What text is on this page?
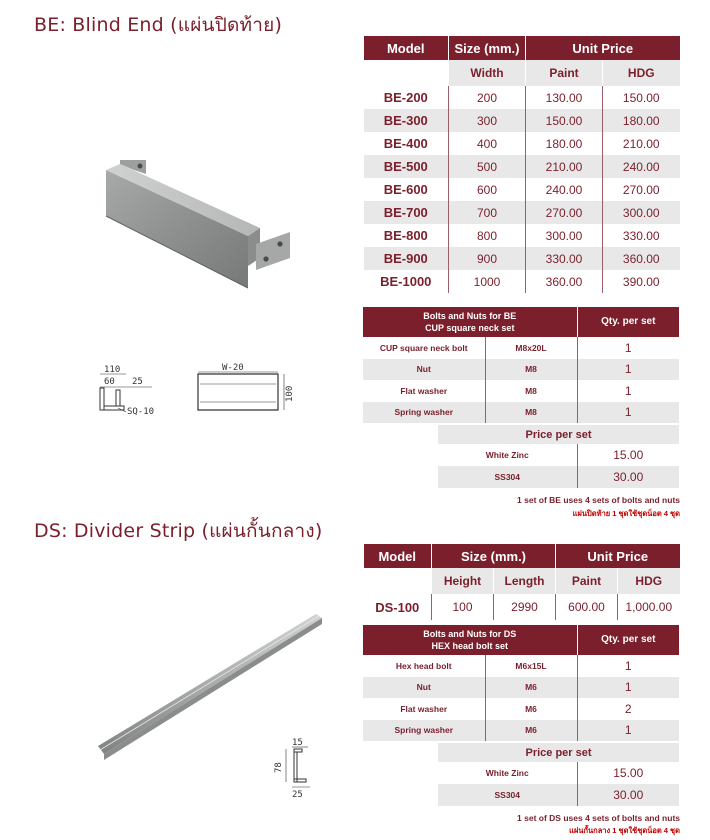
BE: Blind End (แผ่นปิดท้าย)
110
60 25
SQ-10
W-20
100
Model	Size (mm.)	Unit Price	
	Width	Paint	HDG
BE-200	200	130.00	150.00
BE-300	300	150.00	180.00
BE-400	400	180.00	210.00
BE-500	500	210.00	240.00
BE-600	600	240.00	270.00
BE-700	700	270.00	300.00
BE-800	800	300.00	330.00
BE-900	900	330.00	360.00
BE-1000	1000	360.00	390.00
Bolts and Nuts for BE
CUP square neck set		Qty. per set
CUP square neck bolt	M8x20L	1
Nut	M8	1
Flat washer	M8	1
Spring washer	M8	1
Price per set	
White Zinc	15.00
SS304	30.00
1 set of BE uses 4 sets of bolts and nuts
แผ่นปิดท้าย 1 ชุดใช้ชุดน็อต 4 ชุด
DS: Divider Strip (แผ่นกั้นกลาง)
15
78
25
Model	Size (mm.)		Unit Price	
	Height	Length	Paint	HDG
DS-100	100	2990	600.00	1,000.00
Bolts and Nuts for DS
HEX head bolt set		Qty. per set
Hex head bolt	M6x15L	1
Nut	M6	1
Flat washer	M6	2
Spring washer	M6	1
Price per set	
White Zinc	15.00
SS304	30.00
1 set of DS uses 4 sets of bolts and nuts
แผ่นกั้นกลาง 1 ชุดใช้ชุดน็อต 4 ชุด
